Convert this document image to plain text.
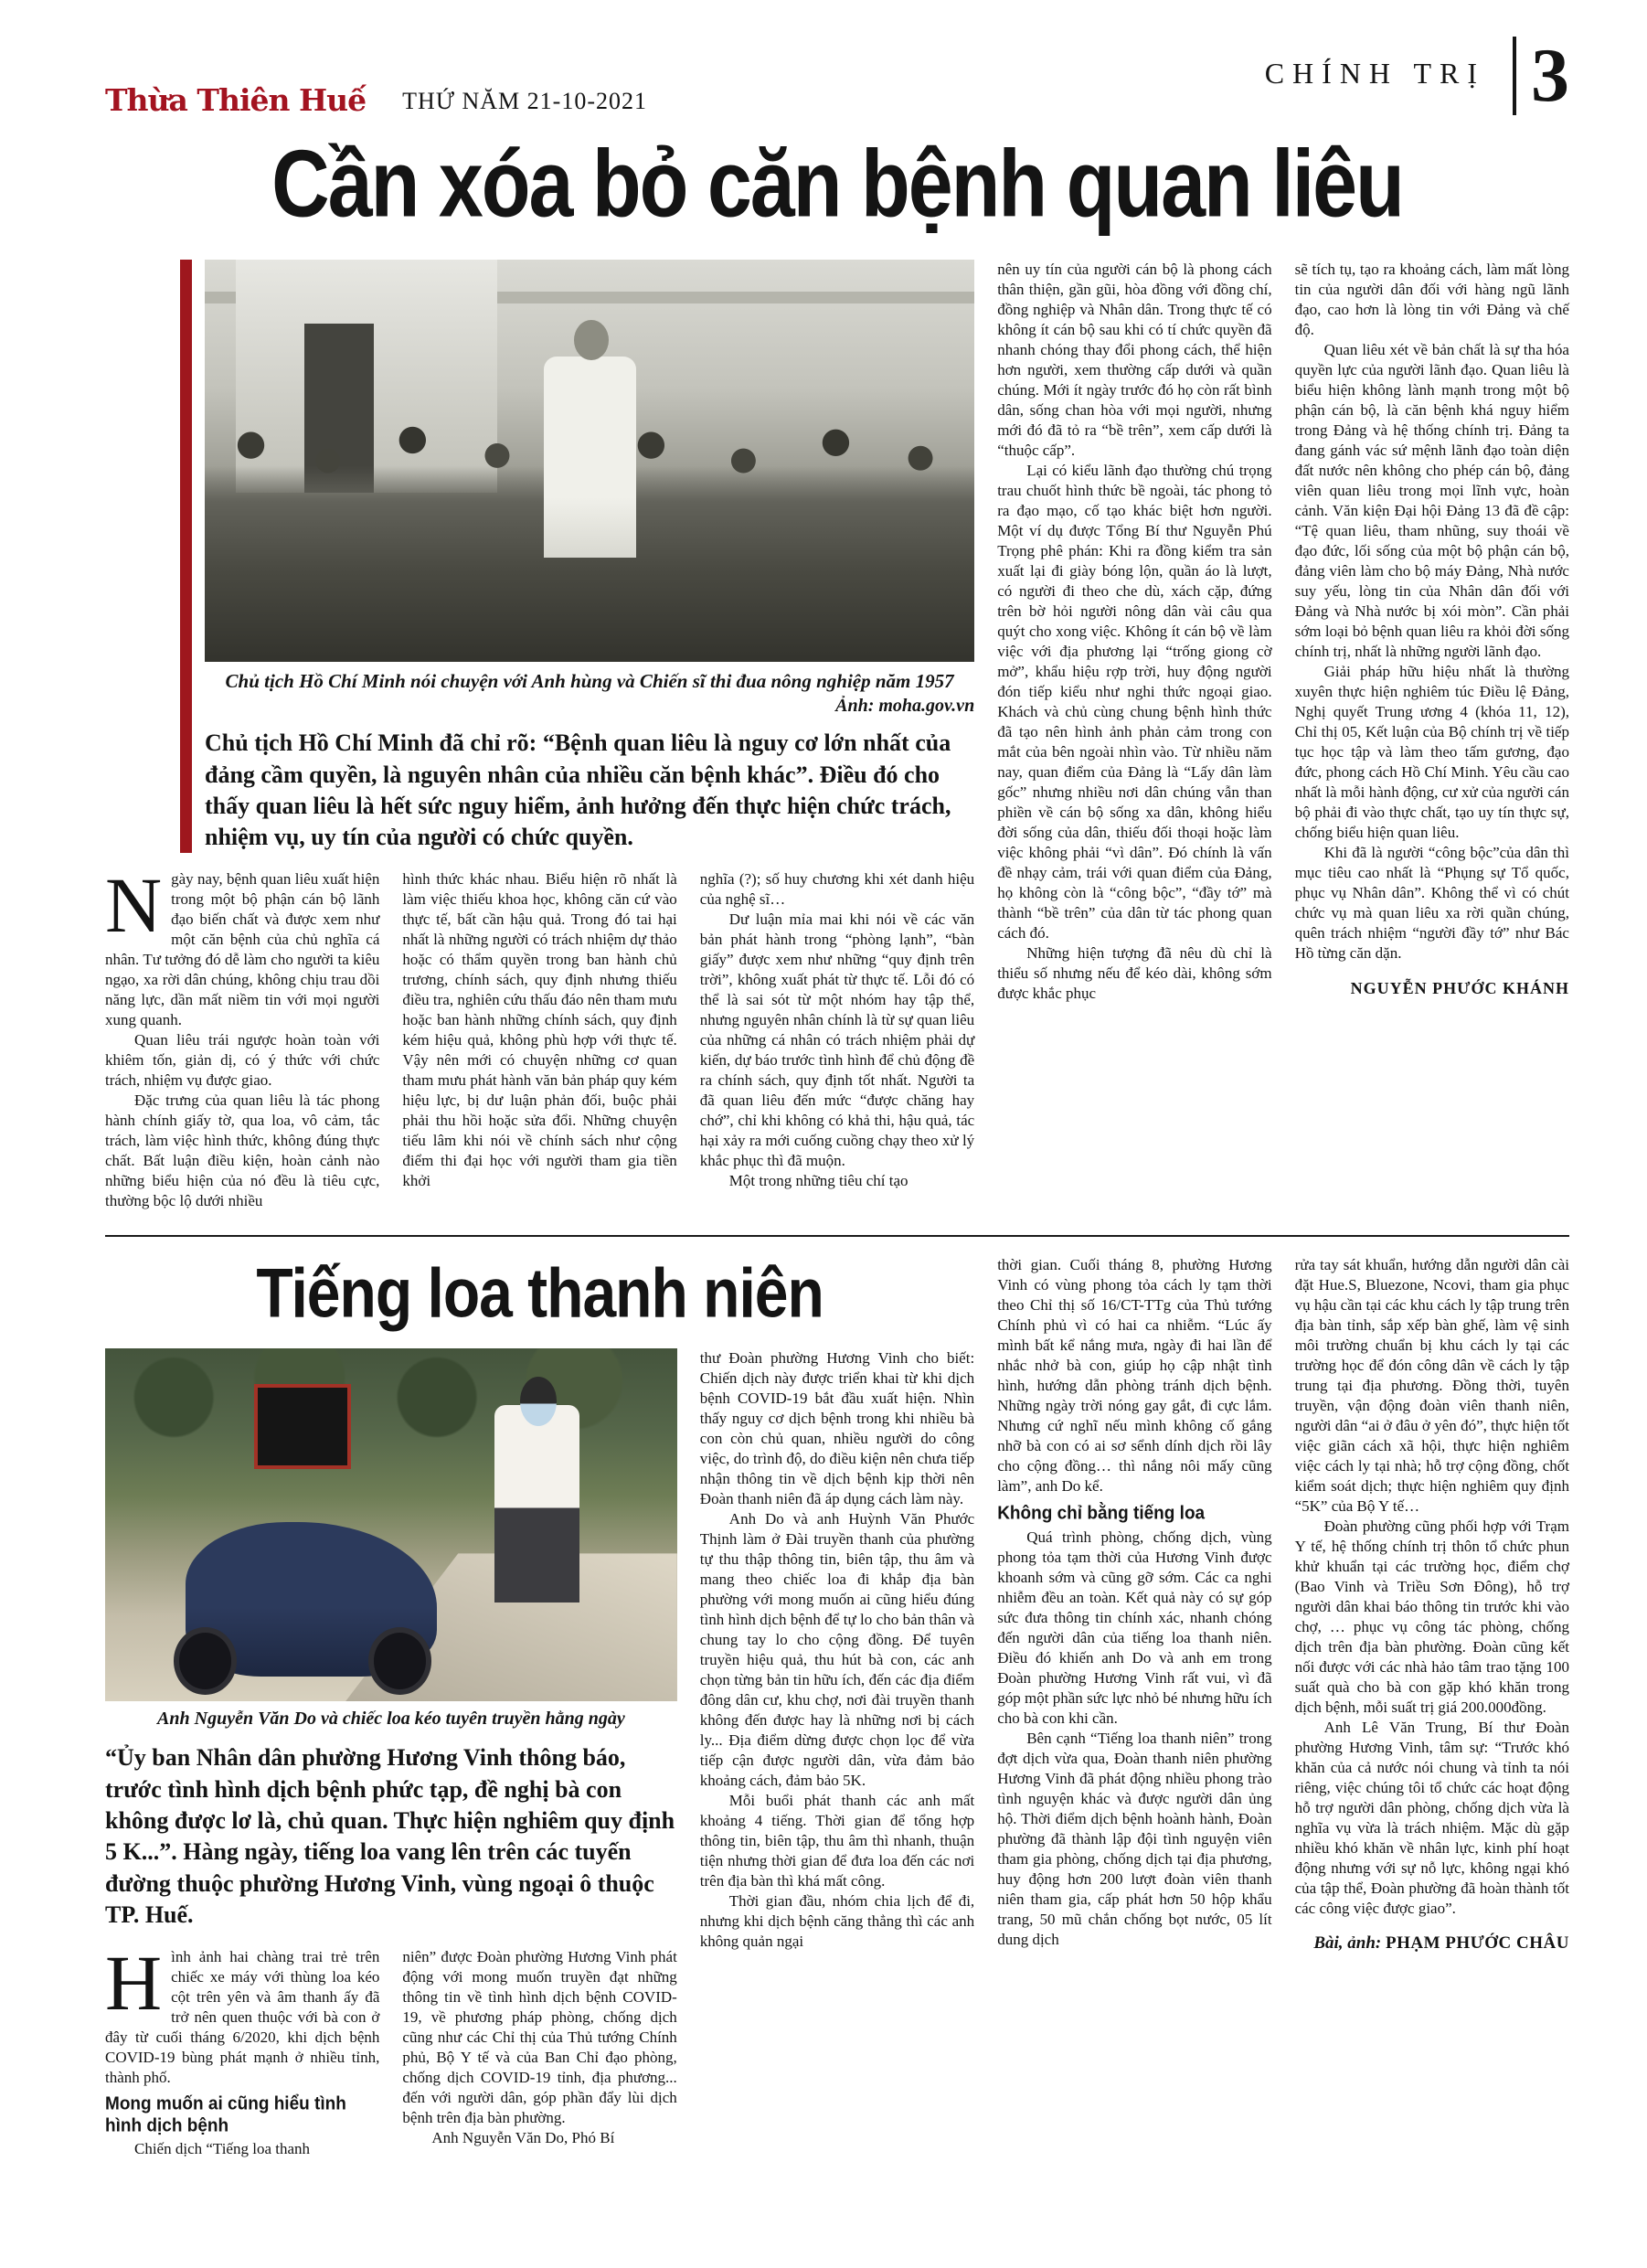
Thừa Thiên Huế THỨ NĂM 21-10-2021
CHÍNH TRỊ 3
Cần xóa bỏ căn bệnh quan liêu
Chủ tịch Hồ Chí Minh nói chuyện với Anh hùng và Chiến sĩ thi đua nông nghiệp năm 1957
Ảnh: moha.gov.vn
Chủ tịch Hồ Chí Minh đã chỉ rõ: “Bệnh quan liêu là nguy cơ lớn nhất của đảng cầm quyền, là nguyên nhân của nhiều căn bệnh khác”. Điều đó cho thấy quan liêu là hết sức nguy hiểm, ảnh hưởng đến thực hiện chức trách, nhiệm vụ, uy tín của người có chức quyền.

Ngày nay, bệnh quan liêu xuất hiện trong một bộ phận cán bộ lãnh đạo biến chất và được xem như một căn bệnh của chủ nghĩa cá nhân. Tư tưởng đó dễ làm cho người ta kiêu ngạo, xa rời dân chúng, không chịu trau dồi năng lực, dần mất niềm tin với mọi người xung quanh.

Quan liêu trái ngược hoàn toàn với khiêm tốn, giản dị, có ý thức với chức trách, nhiệm vụ được giao.

Đặc trưng của quan liêu là tác phong hành chính giấy tờ, qua loa, vô cảm, tắc trách, làm việc hình thức, không đúng thực chất. Bất luận điều kiện, hoàn cảnh nào những biểu hiện của nó đều là tiêu cực, thường bộc lộ dưới nhiều

hình thức khác nhau. Biểu hiện rõ nhất là làm việc thiếu khoa học, không căn cứ vào thực tế, bất cần hậu quả. Trong đó tai hại nhất là những người có trách nhiệm dự thảo hoặc có thẩm quyền trong ban hành chủ trương, chính sách, quy định nhưng thiếu điều tra, nghiên cứu thấu đáo nên tham mưu hoặc ban hành những chính sách, quy định kém hiệu quả, không phù hợp với thực tế. Vậy nên mới có chuyện những cơ quan tham mưu phát hành văn bản pháp quy kém hiệu lực, bị dư luận phản đối, buộc phải phải thu hồi hoặc sửa đổi. Những chuyện tiếu lâm khi nói về chính sách như cộng điểm thi đại học với người tham gia tiền khởi

nghĩa (?); số huy chương khi xét danh hiệu của nghệ sĩ…

Dư luận mỉa mai khi nói về các văn bản phát hành trong “phòng lạnh”, “bàn giấy” được xem như những “quy định trên trời”, không xuất phát từ thực tế. Lỗi đó có thể là sai sót từ một nhóm hay tập thể, nhưng nguyên nhân chính là từ sự quan liêu của những cá nhân có trách nhiệm phải dự kiến, dự báo trước tình hình để chủ động đề ra chính sách, quy định tốt nhất. Người ta đã quan liêu đến mức “được chăng hay chớ”, chỉ khi không có khả thi, hậu quả, tác hại xảy ra mới cuống cuồng chạy theo xử lý khắc phục thì đã muộn.

Một trong những tiêu chí tạo

nên uy tín của người cán bộ là phong cách thân thiện, gần gũi, hòa đồng với đồng chí, đồng nghiệp và Nhân dân. Trong thực tế có không ít cán bộ sau khi có tí chức quyền đã nhanh chóng thay đổi phong cách, thể hiện hơn người, xem thường cấp dưới và quần chúng. Mới ít ngày trước đó họ còn rất bình dân, sống chan hòa với mọi người, nhưng mới đó đã tỏ ra “bề trên”, xem cấp dưới là “thuộc cấp”.

Lại có kiểu lãnh đạo thường chú trọng trau chuốt hình thức bề ngoài, tác phong tỏ ra đạo mạo, cố tạo khác biệt hơn người. Một ví dụ được Tổng Bí thư Nguyễn Phú Trọng phê phán: Khi ra đồng kiểm tra sản xuất lại đi giày bóng lộn, quần áo là lượt, có người đi theo che dù, xách cặp, đứng trên bờ hỏi người nông dân vài câu qua quýt cho xong việc. Không ít cán bộ về làm việc với địa phương lại “trống giong cờ mở”, khẩu hiệu rợp trời, huy động người đón tiếp kiểu như nghi thức ngoại giao. Khách và chủ cùng chung bệnh hình thức đã tạo nên hình ảnh phản cảm trong con mắt của bên ngoài nhìn vào. Từ nhiều năm nay, quan điểm của Đảng là “Lấy dân làm gốc” nhưng nhiều nơi dân chúng vẫn than phiền về cán bộ sống xa dân, không hiểu đời sống của dân, thiếu đối thoại hoặc làm việc không phải “vì dân”. Đó chính là vấn đề nhạy cảm, trái với quan điểm của Đảng, họ không còn là “công bộc”, “đầy tớ” mà thành “bề trên” của dân từ tác phong quan cách đó.

Những hiện tượng đã nêu dù chỉ là thiểu số nhưng nếu để kéo dài, không sớm được khắc phục

sẽ tích tụ, tạo ra khoảng cách, làm mất lòng tin của người dân đối với hàng ngũ lãnh đạo, cao hơn là lòng tin với Đảng và chế độ.

Quan liêu xét về bản chất là sự tha hóa quyền lực của người lãnh đạo. Quan liêu là biểu hiện không lành mạnh trong một bộ phận cán bộ, là căn bệnh khá nguy hiểm trong Đảng và hệ thống chính trị. Đảng ta đang gánh vác sứ mệnh lãnh đạo toàn diện đất nước nên không cho phép cán bộ, đảng viên quan liêu trong mọi lĩnh vực, hoàn cảnh. Văn kiện Đại hội Đảng 13 đã đề cập: “Tệ quan liêu, tham nhũng, suy thoái về đạo đức, lối sống của một bộ phận cán bộ, đảng viên làm cho bộ máy Đảng, Nhà nước suy yếu, lòng tin của Nhân dân đối với Đảng và Nhà nước bị xói mòn”. Cần phải sớm loại bỏ bệnh quan liêu ra khỏi đời sống chính trị, nhất là những người lãnh đạo.

Giải pháp hữu hiệu nhất là thường xuyên thực hiện nghiêm túc Điều lệ Đảng, Nghị quyết Trung ương 4 (khóa 11, 12), Chỉ thị 05, Kết luận của Bộ chính trị về tiếp tục học tập và làm theo tấm gương, đạo đức, phong cách Hồ Chí Minh. Yêu cầu cao nhất là mỗi hành động, cư xử của người cán bộ phải đi vào thực chất, tạo uy tín thực sự, chống biểu hiện quan liêu.

Khi đã là người “công bộc”của dân thì mục tiêu cao nhất là “Phụng sự Tổ quốc, phục vụ Nhân dân”. Không thể vì có chút chức vụ mà quan liêu xa rời quần chúng, quên trách nhiệm “người đầy tớ” như Bác Hồ từng căn dặn.

NGUYỄN PHƯỚC KHÁNH

Tiếng loa thanh niên
Anh Nguyễn Văn Do và chiếc loa kéo tuyên truyền hằng ngày
“Ủy ban Nhân dân phường Hương Vinh thông báo, trước tình hình dịch bệnh phức tạp, đề nghị bà con không được lơ là, chủ quan. Thực hiện nghiêm quy định 5 K...”. Hàng ngày, tiếng loa vang lên trên các tuyến đường thuộc phường Hương Vinh, vùng ngoại ô thuộc TP. Huế.

Hình ảnh hai chàng trai trẻ trên chiếc xe máy với thùng loa kéo cột trên yên và âm thanh ấy đã trở nên quen thuộc với bà con ở đây từ cuối tháng 6/2020, khi dịch bệnh COVID-19 bùng phát mạnh ở nhiều tỉnh, thành phố.

Mong muốn ai cũng hiểu tình hình dịch bệnh

Chiến dịch “Tiếng loa thanh

niên” được Đoàn phường Hương Vinh phát động với mong muốn truyền đạt những thông tin về tình hình dịch bệnh COVID-19, về phương pháp phòng, chống dịch cũng như các Chỉ thị của Thủ tướng Chính phủ, Bộ Y tế và của Ban Chỉ đạo phòng, chống dịch COVID-19 tỉnh, địa phương... đến với người dân, góp phần đẩy lùi dịch bệnh trên địa bàn phường.

Anh Nguyễn Văn Do, Phó Bí

thư Đoàn phường Hương Vinh cho biết: Chiến dịch này được triển khai từ khi dịch bệnh COVID-19 bắt đầu xuất hiện. Nhìn thấy nguy cơ dịch bệnh trong khi nhiều bà con còn chủ quan, nhiều người do công việc, do trình độ, do điều kiện nên chưa tiếp nhận thông tin về dịch bệnh kịp thời nên Đoàn thanh niên đã áp dụng cách làm này.

Anh Do và anh Huỳnh Văn Phước Thịnh làm ở Đài truyền thanh của phường tự thu thập thông tin, biên tập, thu âm và mang theo chiếc loa đi khắp địa bàn phường với mong muốn ai cũng hiểu đúng tình hình dịch bệnh để tự lo cho bản thân và chung tay lo cho cộng đồng. Để tuyên truyền hiệu quả, thu hút bà con, các anh chọn từng bản tin hữu ích, đến các địa điểm đông dân cư, khu chợ, nơi đài truyền thanh không đến được hay là những nơi bị cách ly... Địa điểm dừng được chọn lọc để vừa tiếp cận được người dân, vừa đảm bảo khoảng cách, đảm bảo 5K.

Mỗi buổi phát thanh các anh mất khoảng 4 tiếng. Thời gian để tổng hợp thông tin, biên tập, thu âm thì nhanh, thuận tiện nhưng thời gian để đưa loa đến các nơi trên địa bàn thì khá mất công.

Thời gian đầu, nhóm chia lịch để đi, nhưng khi dịch bệnh căng thẳng thì các anh không quản ngại

thời gian. Cuối tháng 8, phường Hương Vinh có vùng phong tỏa cách ly tạm thời theo Chỉ thị số 16/CT-TTg của Thủ tướng Chính phủ vì có hai ca nhiễm. “Lúc ấy mình bất kể nắng mưa, ngày đi hai lần để nhắc nhở bà con, giúp họ cập nhật tình hình, hướng dẫn phòng tránh dịch bệnh. Những ngày trời nóng gay gắt, đi cực lắm. Nhưng cứ nghĩ nếu mình không cố gắng nhỡ bà con có ai sơ sểnh dính dịch rồi lây cho cộng đồng… thì nắng nôi mấy cũng làm”, anh Do kể.

Không chỉ bằng tiếng loa

Quá trình phòng, chống dịch, vùng phong tỏa tạm thời của Hương Vinh được khoanh sớm và cũng gỡ sớm. Các ca nghi nhiễm đều an toàn. Kết quả này có sự góp sức đưa thông tin chính xác, nhanh chóng đến người dân của tiếng loa thanh niên. Điều đó khiến anh Do và anh em trong Đoàn phường Hương Vinh rất vui, vì đã góp một phần sức lực nhỏ bé nhưng hữu ích cho bà con khi cần.

Bên cạnh “Tiếng loa thanh niên” trong đợt dịch vừa qua, Đoàn thanh niên phường Hương Vinh đã phát động nhiều phong trào tình nguyện khác và được người dân ủng hộ. Thời điểm dịch bệnh hoành hành, Đoàn phường đã thành lập đội tình nguyện viên tham gia phòng, chống dịch tại địa phương, huy động hơn 200 lượt đoàn viên thanh niên tham gia, cấp phát hơn 50 hộp khẩu trang, 50 mũ chắn chống bọt nước, 05 lít dung dịch

rửa tay sát khuẩn, hướng dẫn người dân cài đặt Hue.S, Bluezone, Ncovi, tham gia phục vụ hậu cần tại các khu cách ly tập trung trên địa bàn tỉnh, sắp xếp bàn ghế, làm vệ sinh môi trường chuẩn bị khu cách ly tại các trường học để đón công dân về cách ly tập trung tại địa phương. Đồng thời, tuyên truyền, vận động đoàn viên thanh niên, người dân “ai ở đâu ở yên đó”, thực hiện tốt việc giãn cách xã hội, thực hiện nghiêm việc cách ly tại nhà; hỗ trợ cộng đồng, chốt kiểm soát dịch; thực hiện nghiêm quy định “5K” của Bộ Y tế…

Đoàn phường cũng phối hợp với Trạm Y tế, hệ thống chính trị thôn tổ chức phun khử khuẩn tại các trường học, điểm chợ (Bao Vinh và Triều Sơn Đông), hỗ trợ người dân khai báo thông tin trước khi vào chợ, … phục vụ công tác phòng, chống dịch trên địa bàn phường. Đoàn cũng kết nối được với các nhà hảo tâm trao tặng 100 suất quà cho bà con gặp khó khăn trong dịch bệnh, mỗi suất trị giá 200.000đồng.

Anh Lê Văn Trung, Bí thư Đoàn phường Hương Vinh, tâm sự: “Trước khó khăn của cả nước nói chung và tỉnh ta nói riêng, việc chúng tôi tổ chức các hoạt động hỗ trợ người dân phòng, chống dịch vừa là nghĩa vụ vừa là trách nhiệm. Mặc dù gặp nhiều khó khăn về nhân lực, kinh phí hoạt động nhưng với sự nỗ lực, không ngại khó của tập thể, Đoàn phường đã hoàn thành tốt các công việc được giao”.

Bài, ảnh: PHẠM PHƯỚC CHÂU
